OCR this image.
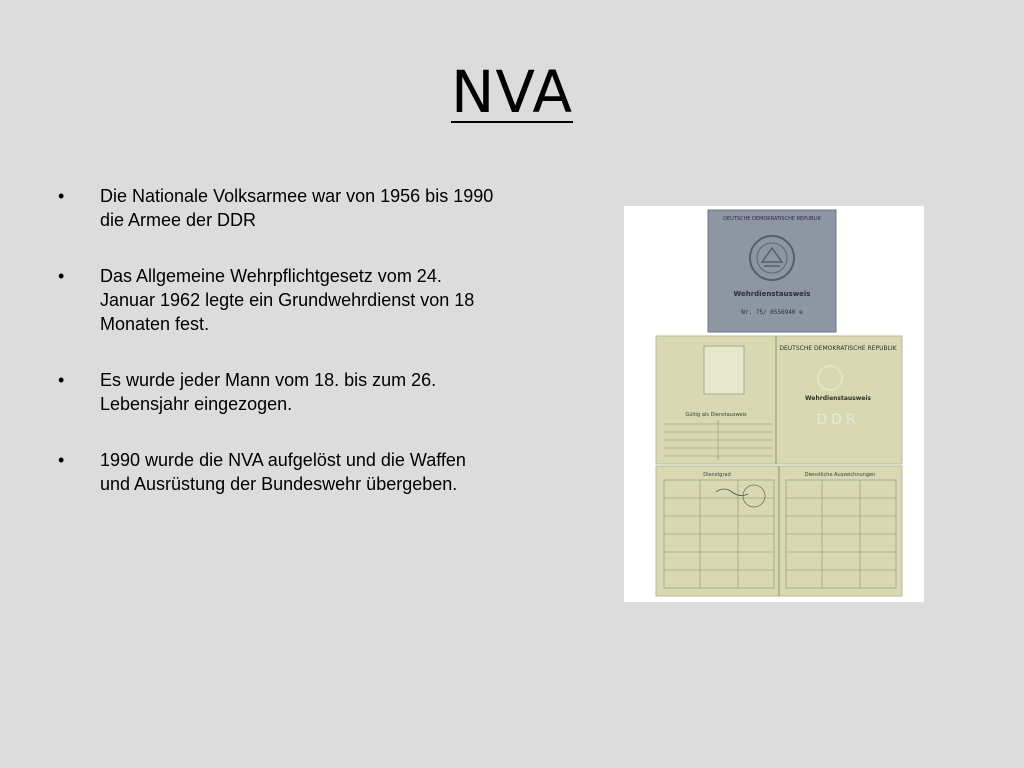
NVA
•	Die Nationale Volksarmee war von 1956 bis 1990 die Armee der DDR
•	Das Allgemeine Wehrpflichtgesetz vom 24. Januar 1962 legte ein Grundwehrdienst von 18 Monaten fest.
•	Es wurde jeder Mann vom 18. bis zum 26. Lebensjahr eingezogen.
•	1990 wurde die NVA aufgelöst und die Waffen und Ausrüstung der Bundeswehr übergeben.
DEUTSCHE DEMOKRATISCHE REPUBLIK
Wehrdienstausweis
Nr. 75/ 0556940 ⊕
Gültig als Dienstausweis
DEUTSCHE DEMOKRATISCHE REPUBLIK
Wehrdienstausweis
DDR
Dienstgrad	Dienstliche Auszeichnungen
